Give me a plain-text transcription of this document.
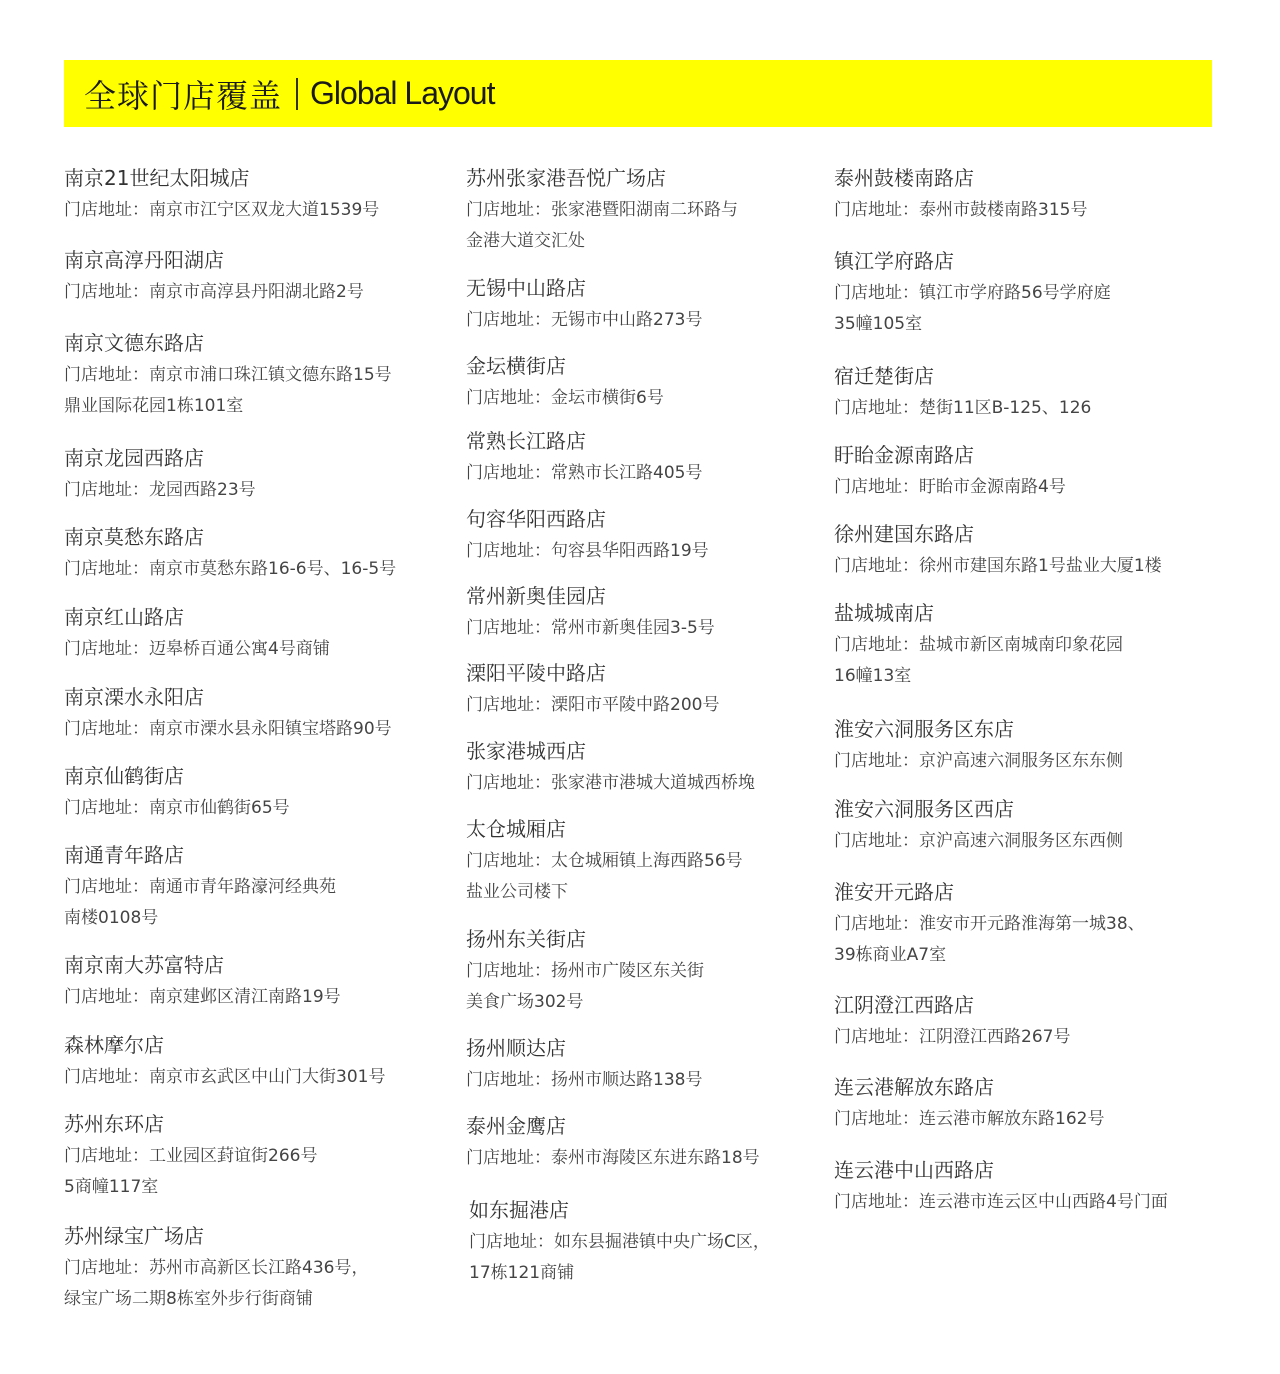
全球门店覆盖 Global Layout
南京21世纪太阳城店
门店地址：南京市江宁区双龙大道1539号
南京高淳丹阳湖店
门店地址：南京市高淳县丹阳湖北路2号
南京文德东路店
门店地址：南京市浦口珠江镇文德东路15号
鼎业国际花园1栋101室
南京龙园西路店
门店地址：龙园西路23号
南京莫愁东路店
门店地址：南京市莫愁东路16-6号、16-5号
南京红山路店
门店地址：迈皋桥百通公寓4号商铺
南京溧水永阳店
门店地址：南京市溧水县永阳镇宝塔路90号
南京仙鹤街店
门店地址：南京市仙鹤街65号
南通青年路店
门店地址：南通市青年路濠河经典苑
南楼0108号
南京南大苏富特店
门店地址：南京建邺区清江南路19号
森林摩尔店
门店地址：南京市玄武区中山门大街301号
苏州东环店
门店地址：工业园区葑谊街266号
5商幢117室
苏州绿宝广场店
门店地址：苏州市高新区长江路436号，
绿宝广场二期8栋室外步行街商铺
苏州张家港吾悦广场店
门店地址：张家港暨阳湖南二环路与
金港大道交汇处
无锡中山路店
门店地址：无锡市中山路273号
金坛横街店
门店地址：金坛市横街6号
常熟长江路店
门店地址：常熟市长江路405号
句容华阳西路店
门店地址：句容县华阳西路19号
常州新奥佳园店
门店地址：常州市新奥佳园3-5号
溧阳平陵中路店
门店地址：溧阳市平陵中路200号
张家港城西店
门店地址：张家港市港城大道城西桥堍
太仓城厢店
门店地址：太仓城厢镇上海西路56号
盐业公司楼下
扬州东关街店
门店地址：扬州市广陵区东关街
美食广场302号
扬州顺达店
门店地址：扬州市顺达路138号
泰州金鹰店
门店地址：泰州市海陵区东进东路18号
如东掘港店
门店地址：如东县掘港镇中央广场C区，
17栋121商铺
泰州鼓楼南路店
门店地址：泰州市鼓楼南路315号
镇江学府路店
门店地址：镇江市学府路56号学府庭
35幢105室
宿迁楚街店
门店地址：楚街11区B-125、126
盱眙金源南路店
门店地址：盱眙市金源南路4号
徐州建国东路店
门店地址：徐州市建国东路1号盐业大厦1楼
盐城城南店
门店地址：盐城市新区南城南印象花园
16幢13室
淮安六洞服务区东店
门店地址：京沪高速六洞服务区东东侧
淮安六洞服务区西店
门店地址：京沪高速六洞服务区东西侧
淮安开元路店
门店地址：淮安市开元路淮海第一城38、
39栋商业A7室
江阴澄江西路店
门店地址：江阴澄江西路267号
连云港解放东路店
门店地址：连云港市解放东路162号
连云港中山西路店
门店地址：连云港市连云区中山西路4号门面
